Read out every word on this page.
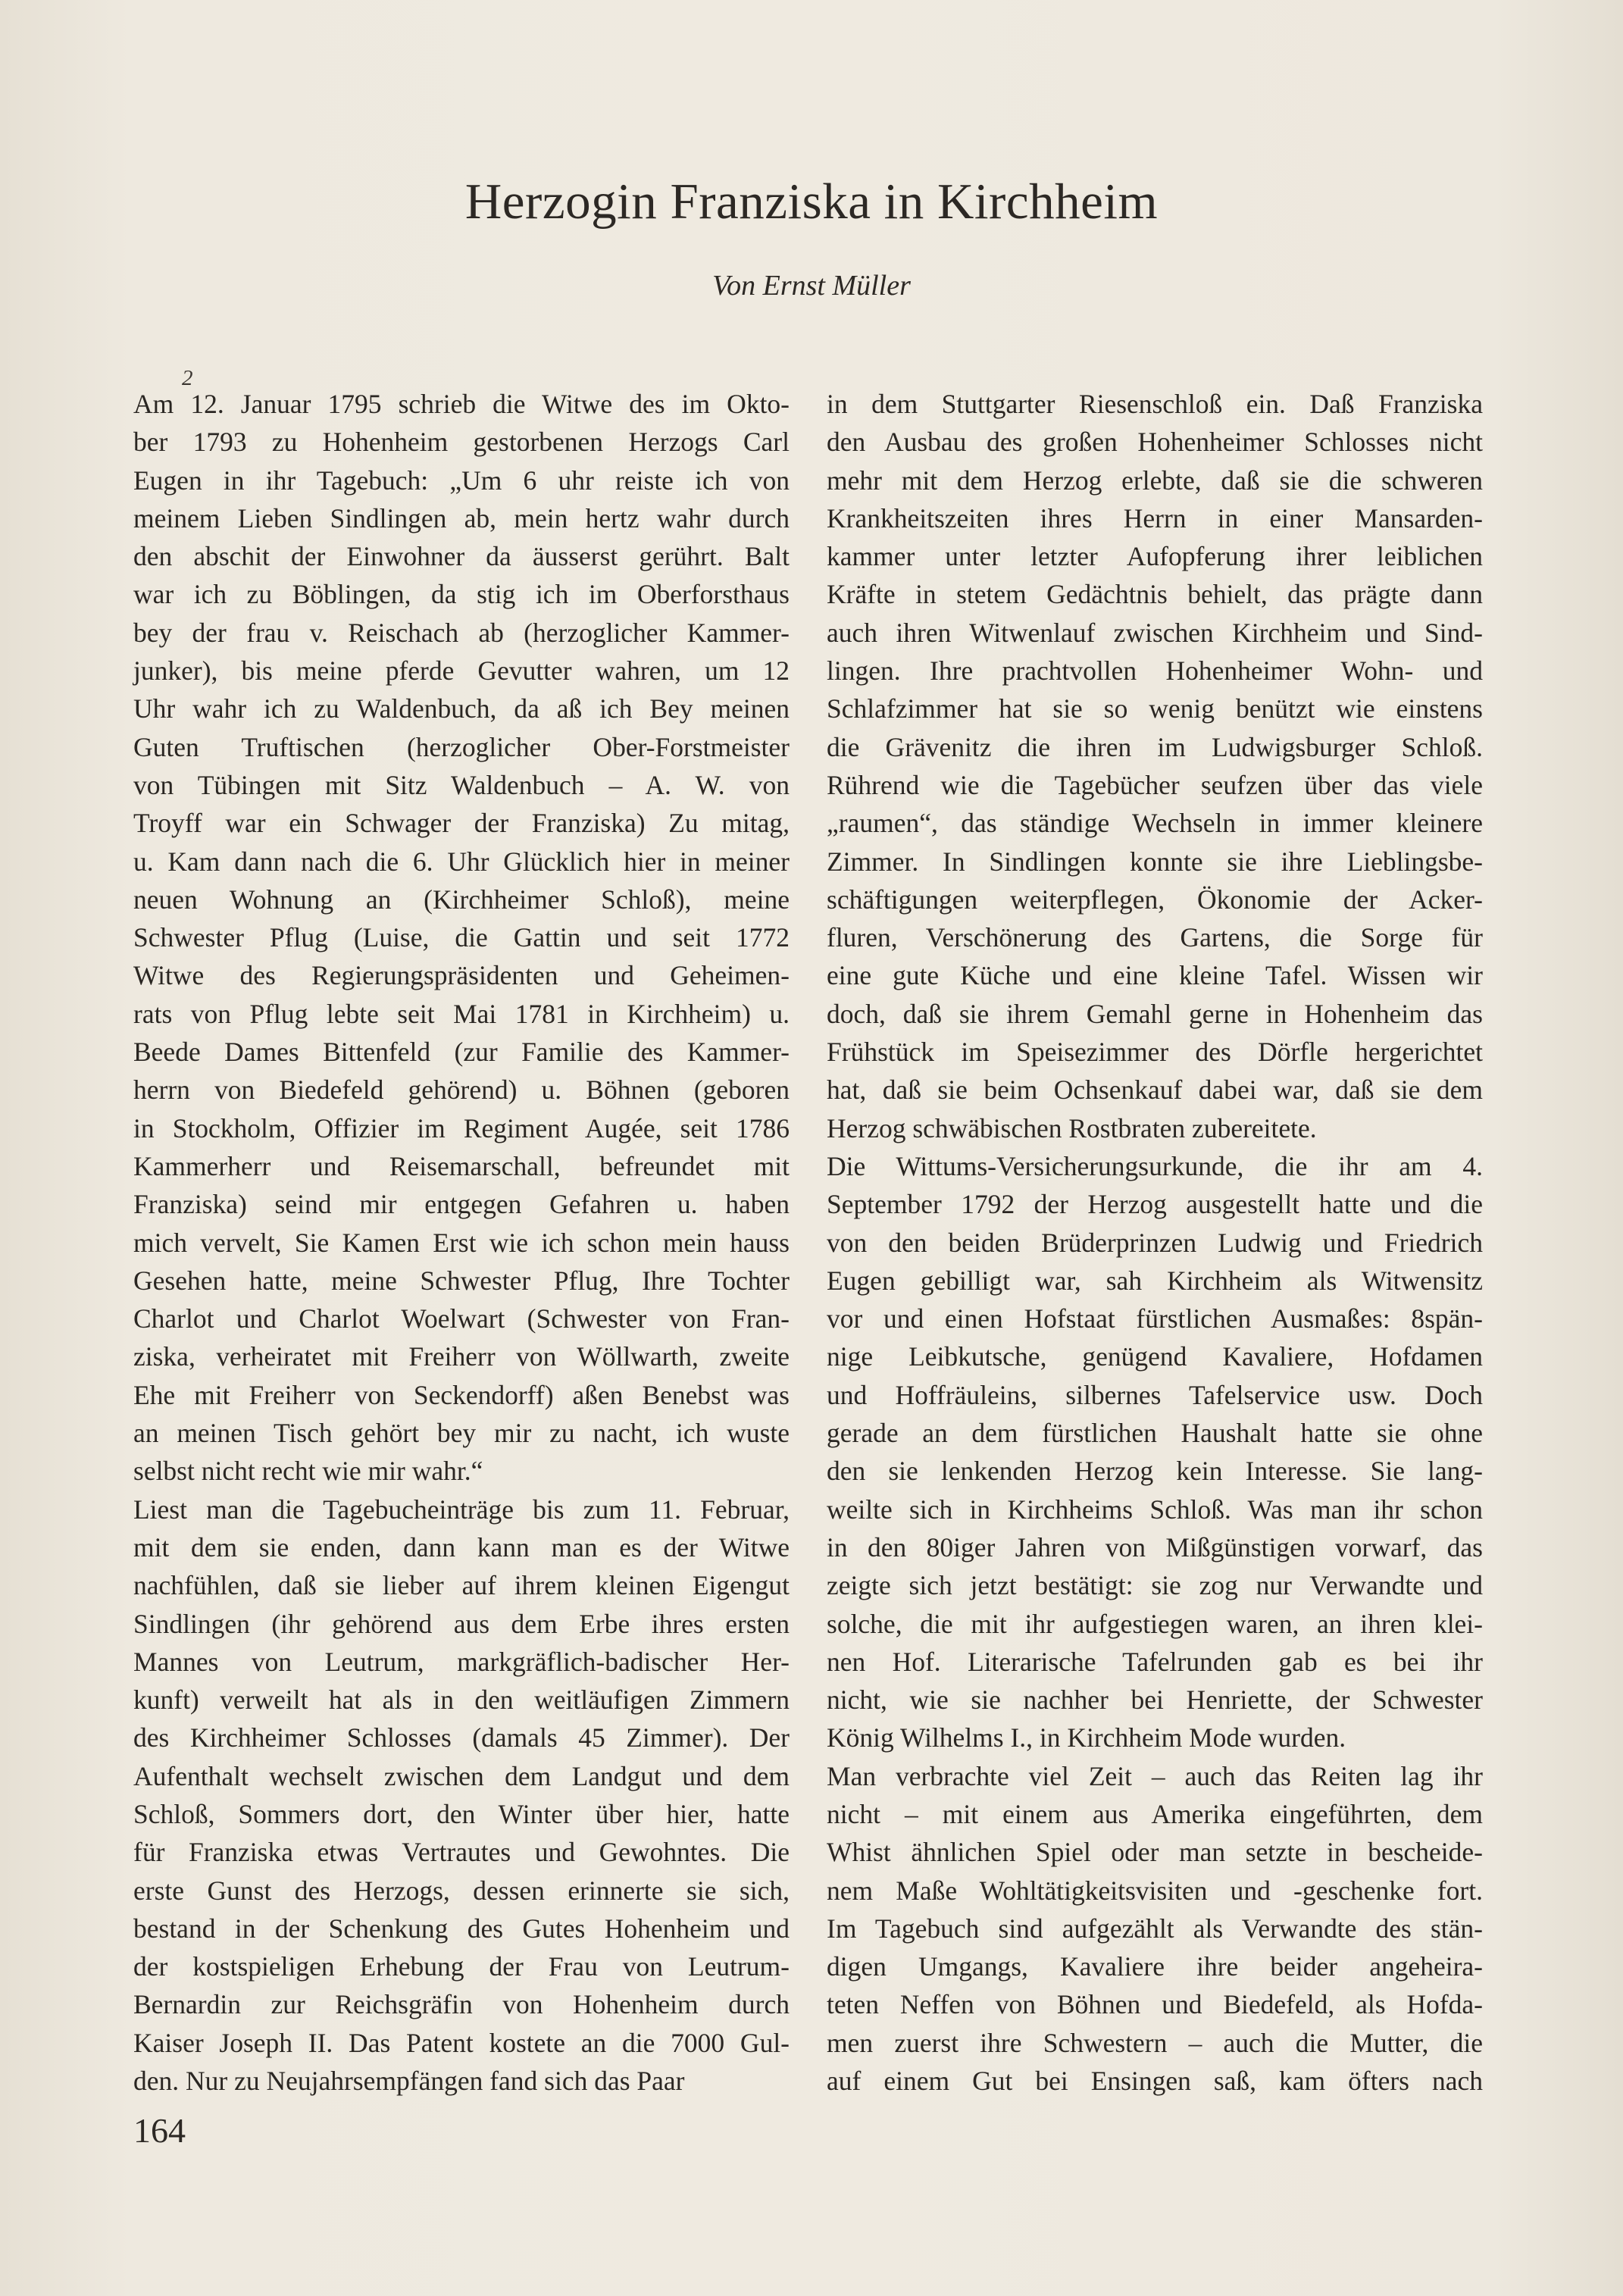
Herzogin Franziska in Kirchheim
Von Ernst Müller
2
Am 12. Januar 1795 schrieb die Witwe des im Okto-
ber 1793 zu Hohenheim gestorbenen Herzogs Carl
Eugen in ihr Tagebuch: „Um 6 uhr reiste ich von
meinem Lieben Sindlingen ab, mein hertz wahr durch
den abschit der Einwohner da äusserst gerührt. Balt
war ich zu Böblingen, da stig ich im Oberforsthaus
bey der frau v. Reischach ab (herzoglicher Kammer-
junker), bis meine pferde Gevutter wahren, um 12
Uhr wahr ich zu Waldenbuch, da aß ich Bey meinen
Guten Truftischen (herzoglicher Ober-Forstmeister
von Tübingen mit Sitz Waldenbuch – A. W. von
Troyff war ein Schwager der Franziska) Zu mitag,
u. Kam dann nach die 6. Uhr Glücklich hier in meiner
neuen Wohnung an (Kirchheimer Schloß), meine
Schwester Pflug (Luise, die Gattin und seit 1772
Witwe des Regierungspräsidenten und Geheimen-
rats von Pflug lebte seit Mai 1781 in Kirchheim) u.
Beede Dames Bittenfeld (zur Familie des Kammer-
herrn von Biedefeld gehörend) u. Böhnen (geboren
in Stockholm, Offizier im Regiment Augée, seit 1786
Kammerherr und Reisemarschall, befreundet mit
Franziska) seind mir entgegen Gefahren u. haben
mich vervelt, Sie Kamen Erst wie ich schon mein hauss
Gesehen hatte, meine Schwester Pflug, Ihre Tochter
Charlot und Charlot Woelwart (Schwester von Fran-
ziska, verheiratet mit Freiherr von Wöllwarth, zweite
Ehe mit Freiherr von Seckendorff) aßen Benebst was
an meinen Tisch gehört bey mir zu nacht, ich wuste
selbst nicht recht wie mir wahr.“
Liest man die Tagebucheinträge bis zum 11. Februar,
mit dem sie enden, dann kann man es der Witwe
nachfühlen, daß sie lieber auf ihrem kleinen Eigengut
Sindlingen (ihr gehörend aus dem Erbe ihres ersten
Mannes von Leutrum, markgräflich-badischer Her-
kunft) verweilt hat als in den weitläufigen Zimmern
des Kirchheimer Schlosses (damals 45 Zimmer). Der
Aufenthalt wechselt zwischen dem Landgut und dem
Schloß, Sommers dort, den Winter über hier, hatte
für Franziska etwas Vertrautes und Gewohntes. Die
erste Gunst des Herzogs, dessen erinnerte sie sich,
bestand in der Schenkung des Gutes Hohenheim und
der kostspieligen Erhebung der Frau von Leutrum-
Bernardin zur Reichsgräfin von Hohenheim durch
Kaiser Joseph II. Das Patent kostete an die 7000 Gul-
den. Nur zu Neujahrsempfängen fand sich das Paar
in dem Stuttgarter Riesenschloß ein. Daß Franziska
den Ausbau des großen Hohenheimer Schlosses nicht
mehr mit dem Herzog erlebte, daß sie die schweren
Krankheitszeiten ihres Herrn in einer Mansarden-
kammer unter letzter Aufopferung ihrer leiblichen
Kräfte in stetem Gedächtnis behielt, das prägte dann
auch ihren Witwenlauf zwischen Kirchheim und Sind-
lingen. Ihre prachtvollen Hohenheimer Wohn- und
Schlafzimmer hat sie so wenig benützt wie einstens
die Grävenitz die ihren im Ludwigsburger Schloß.
Rührend wie die Tagebücher seufzen über das viele
„raumen“, das ständige Wechseln in immer kleinere
Zimmer. In Sindlingen konnte sie ihre Lieblingsbe-
schäftigungen weiterpflegen, Ökonomie der Acker-
fluren, Verschönerung des Gartens, die Sorge für
eine gute Küche und eine kleine Tafel. Wissen wir
doch, daß sie ihrem Gemahl gerne in Hohenheim das
Frühstück im Speisezimmer des Dörfle hergerichtet
hat, daß sie beim Ochsenkauf dabei war, daß sie dem
Herzog schwäbischen Rostbraten zubereitete.
Die Wittums-Versicherungsurkunde, die ihr am 4.
September 1792 der Herzog ausgestellt hatte und die
von den beiden Brüderprinzen Ludwig und Friedrich
Eugen gebilligt war, sah Kirchheim als Witwensitz
vor und einen Hofstaat fürstlichen Ausmaßes: 8spän-
nige Leibkutsche, genügend Kavaliere, Hofdamen
und Hoffräuleins, silbernes Tafelservice usw. Doch
gerade an dem fürstlichen Haushalt hatte sie ohne
den sie lenkenden Herzog kein Interesse. Sie lang-
weilte sich in Kirchheims Schloß. Was man ihr schon
in den 80iger Jahren von Mißgünstigen vorwarf, das
zeigte sich jetzt bestätigt: sie zog nur Verwandte und
solche, die mit ihr aufgestiegen waren, an ihren klei-
nen Hof. Literarische Tafelrunden gab es bei ihr
nicht, wie sie nachher bei Henriette, der Schwester
König Wilhelms I., in Kirchheim Mode wurden.
Man verbrachte viel Zeit – auch das Reiten lag ihr
nicht – mit einem aus Amerika eingeführten, dem
Whist ähnlichen Spiel oder man setzte in bescheide-
nem Maße Wohltätigkeitsvisiten und -geschenke fort.
Im Tagebuch sind aufgezählt als Verwandte des stän-
digen Umgangs, Kavaliere ihre beider angeheira-
teten Neffen von Böhnen und Biedefeld, als Hofda-
men zuerst ihre Schwestern – auch die Mutter, die
auf einem Gut bei Ensingen saß, kam öfters nach
164
